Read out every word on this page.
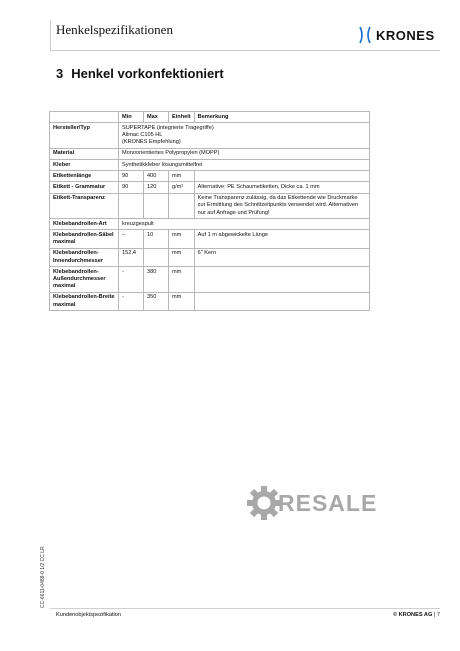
Henkelspezifikationen	KRONES
3 Henkel vorkonfektioniert
	Min	Max	Einheit	Bemerkung
Hersteller/Typ	SUPERTAPE (integrierte Tragegriffe)
Alimac C105 HL
(KRONES Empfehlung)			
Material	Monoorientiertes Polypropylen (MOPP)			
Kleber	Synthetikkleber lösungsmittelfrei			
Etikettenlänge	90	400	mm	
Etikett - Grammatur	90	120	g/m²	Alternative: PE Schaumetiketten, Dicke ca. 1 mm
Etikett-Transparenz				Keine Transparenz zulässig, da das Etikettende wie Druckmarke zur Ermittlung des Schnittzeitpunkts verwendet wird. Alternativen nur auf Anfrage und Prüfung!
Klebebandrollen-Art	kreuzgespult			
Klebebandrollen-Säbel maximal	–	10	mm	Auf 1 m abgewickelte Länge
Klebebandrollen-Innendurchmesser	152,4		mm	6" Kern
Klebebandrollen-Außendurchmesser maximal	-	380	mm	
Klebebandrollen-Breite maximal	-	350	mm	
RESALE
CC-6611-0488-0 1/2 CC LR
Kundenobjektspezifikation	© KRONES AG | 7
